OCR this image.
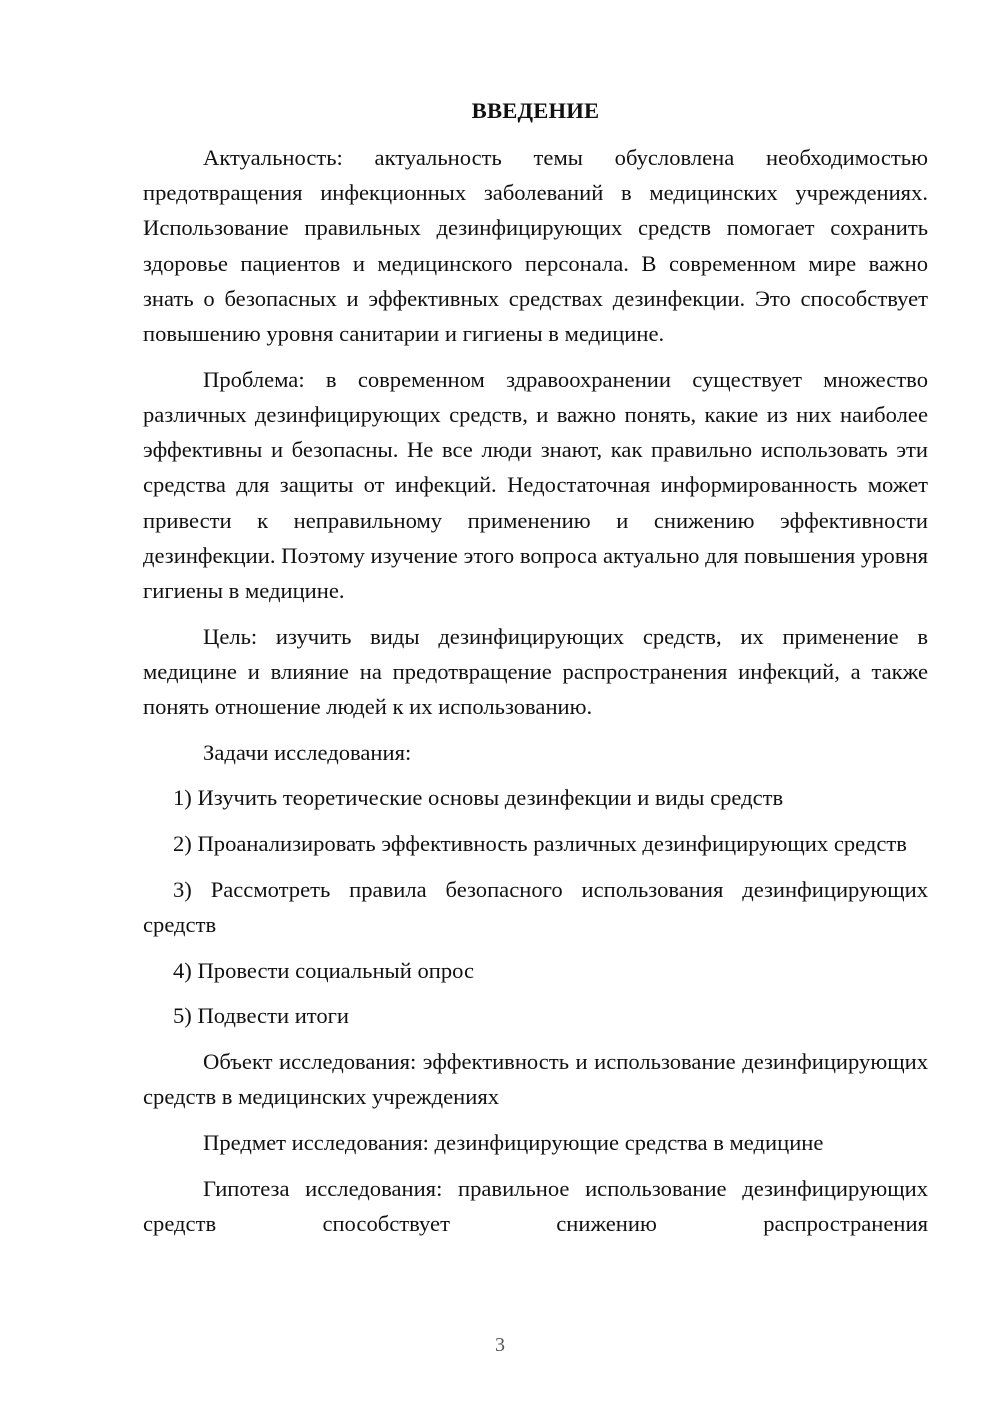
ВВЕДЕНИЕ

Актуальность: актуальность темы обусловлена необходимостью предотвращения инфекционных заболеваний в медицинских учреждениях. Использование правильных дезинфицирующих средств помогает сохранить здоровье пациентов и медицинского персонала. В современном мире важно знать о безопасных и эффективных средствах дезинфекции. Это способствует повышению уровня санитарии и гигиены в медицине.

Проблема: в современном здравоохранении существует множество различных дезинфицирующих средств, и важно понять, какие из них наиболее эффективны и безопасны. Не все люди знают, как правильно использовать эти средства для защиты от инфекций. Недостаточная информированность может привести к неправильному применению и снижению эффективности дезинфекции. Поэтому изучение этого вопроса актуально для повышения уровня гигиены в медицине.

Цель: изучить виды дезинфицирующих средств, их применение в медицине и влияние на предотвращение распространения инфекций, а также понять отношение людей к их использованию.

Задачи исследования:

1) Изучить теоретические основы дезинфекции и виды средств

2) Проанализировать эффективность различных дезинфицирующих средств

3) Рассмотреть правила безопасного использования дезинфицирующих средств

4) Провести социальный опрос

5) Подвести итоги

Объект исследования: эффективность и использование дезинфицирующих средств в медицинских учреждениях

Предмет исследования: дезинфицирующие средства в медицине

Гипотеза исследования: правильное использование дезинфицирующих средств способствует снижению распространения

3
